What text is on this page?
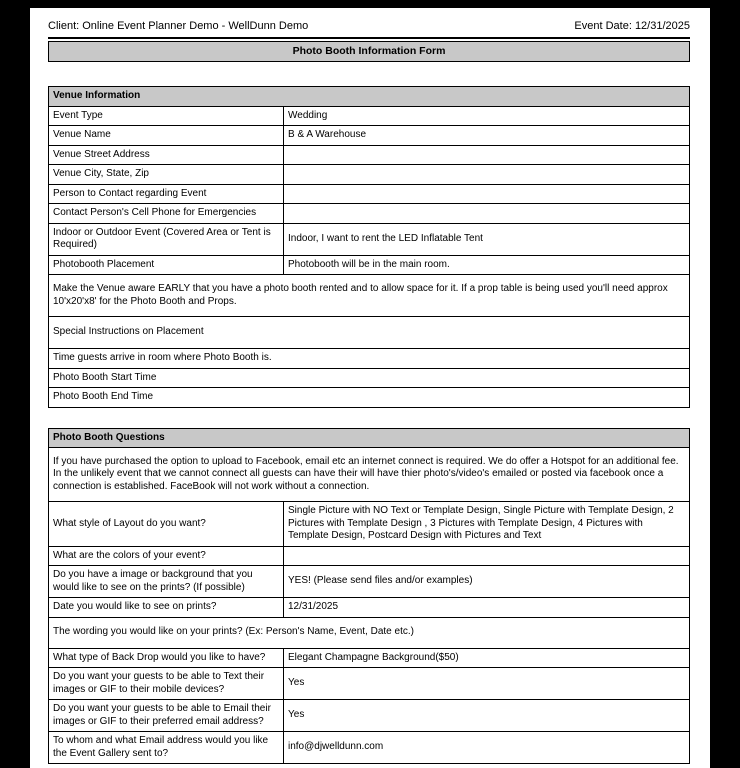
Client: Online Event Planner Demo - WellDunn Demo	Event Date: 12/31/2025
Photo Booth Information Form
Venue Information	
Event Type	Wedding
Venue Name	B & A Warehouse
Venue Street Address	
Venue City, State, Zip	
Person to Contact regarding Event	
Contact Person's Cell Phone for Emergencies	
Indoor or Outdoor Event (Covered Area or Tent is Required)	Indoor, I want to rent the LED Inflatable Tent
Photobooth Placement	Photobooth will be in the main room.
Make the Venue aware EARLY that you have a photo booth rented and to allow space for it. If a prop table is being used you'll need approx 10'x20'x8' for the Photo Booth and Props.	
Special Instructions on Placement	
Time guests arrive in room where Photo Booth is.	
Photo Booth Start Time	
Photo Booth End Time	
Photo Booth Questions	
If you have purchased the option to upload to Facebook, email etc an internet connect is required. We do offer a Hotspot for an additional fee. In the unlikely event that we cannot connect all guests can have their will have thier photo's/video's emailed or posted via facebook once a connection is established. FaceBook will not work without a connection.	
What style of Layout do you want?	Single Picture with NO Text or Template Design, Single Picture with Template Design, 2 Pictures with Template Design , 3 Pictures with Template Design, 4 Pictures with Template Design, Postcard Design with Pictures and Text
What are the colors of your event?	
Do you have a image or background that you would like to see on the prints? (If possible)	YES! (Please send files and/or examples)
Date you would like to see on prints?	12/31/2025
The wording you would like on your prints? (Ex: Person's Name, Event, Date etc.)	
What type of Back Drop would you like to have?	Elegant Champagne Background($50)
Do you want your guests to be able to Text their images or GIF to their mobile devices?	Yes
Do you want your guests to be able to Email their images or GIF to their preferred email address?	Yes
To whom and what Email address would you like the Event Gallery sent to?	info@djwelldunn.com
